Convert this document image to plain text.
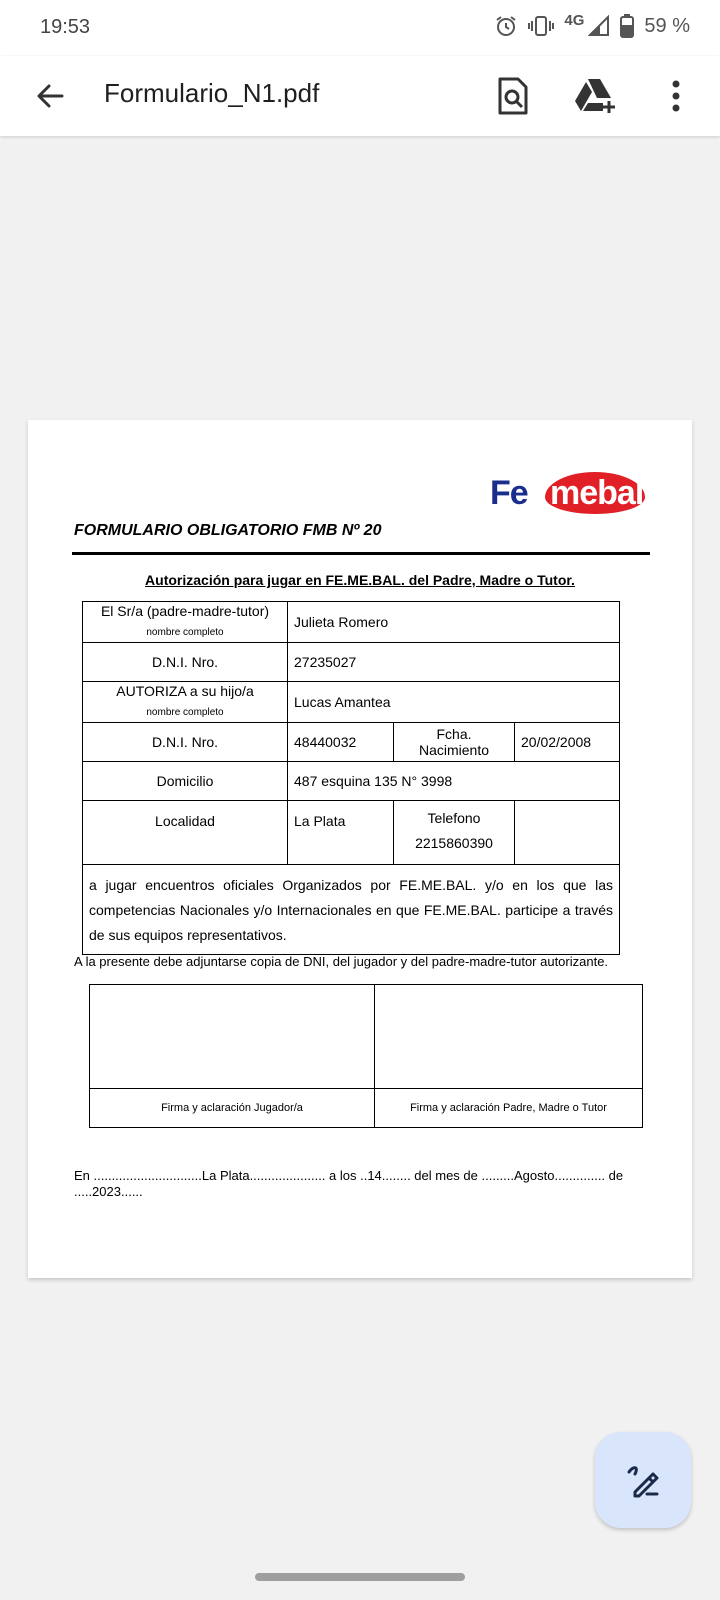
19:53	4G	59 %
Formulario_N1.pdf
Fe mebal
FORMULARIO OBLIGATORIO FMB Nº 20
Autorización para jugar en FE.ME.BAL. del Padre, Madre o Tutor.
El Sr/a (padre-madre-tutor)
nombre completo	Julieta Romero		
D.N.I. Nro.	27235027		
AUTORIZA a su hijo/a
nombre completo	Lucas Amantea		
D.N.I. Nro.	48440032	Fcha. Nacimiento	20/02/2008
Domicilio	487 esquina 135 N° 3998		
Localidad	La Plata	Telefono
2215860390	
a jugar encuentros oficiales Organizados por FE.ME.BAL. y/o en los que las competencias Nacionales y/o Internacionales en que FE.ME.BAL. participe a través de sus equipos representativos.			
A la presente debe adjuntarse copia de DNI, del jugador y del padre-madre-tutor autorizante.

Firma y aclaración Jugador/a	Firma y aclaración Padre, Madre o Tutor
En ..............................La Plata..................... a los ..14........ del mes de .........Agosto.............. de .....2023......
